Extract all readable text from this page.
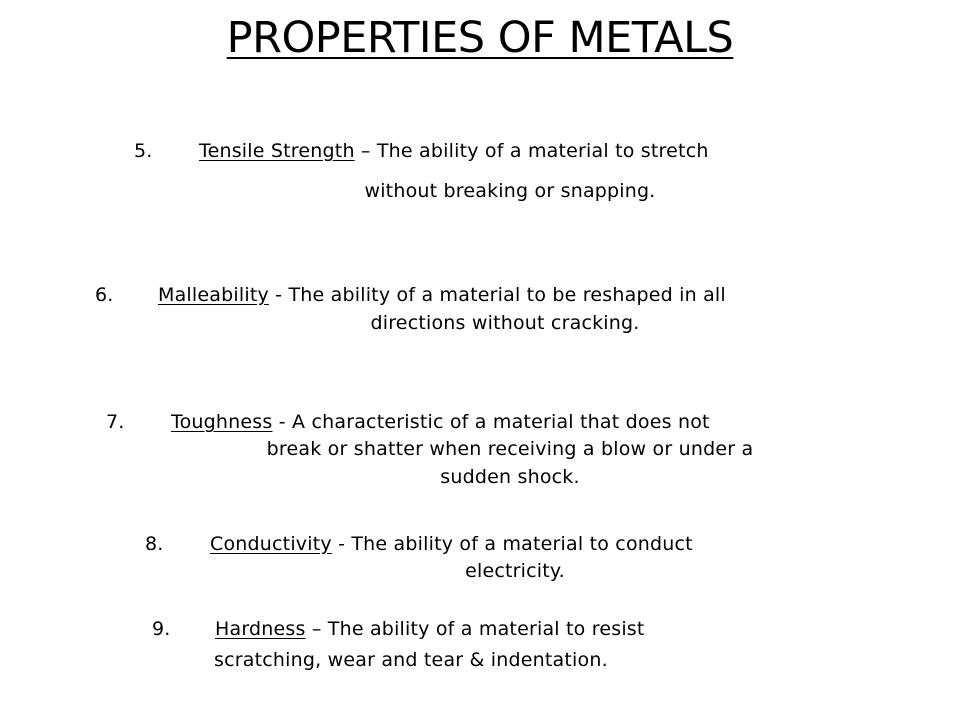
PROPERTIES OF METALS
5. Tensile Strength – The ability of a material to stretch
without breaking or snapping.
6. Malleability - The ability of a material to be reshaped in all
directions without cracking.
7. Toughness - A characteristic of a material that does not
break or shatter when receiving a blow or under a
sudden shock.
8. Conductivity - The ability of a material to conduct
electricity.
9. Hardness – The ability of a material to resist
scratching, wear and tear & indentation.
